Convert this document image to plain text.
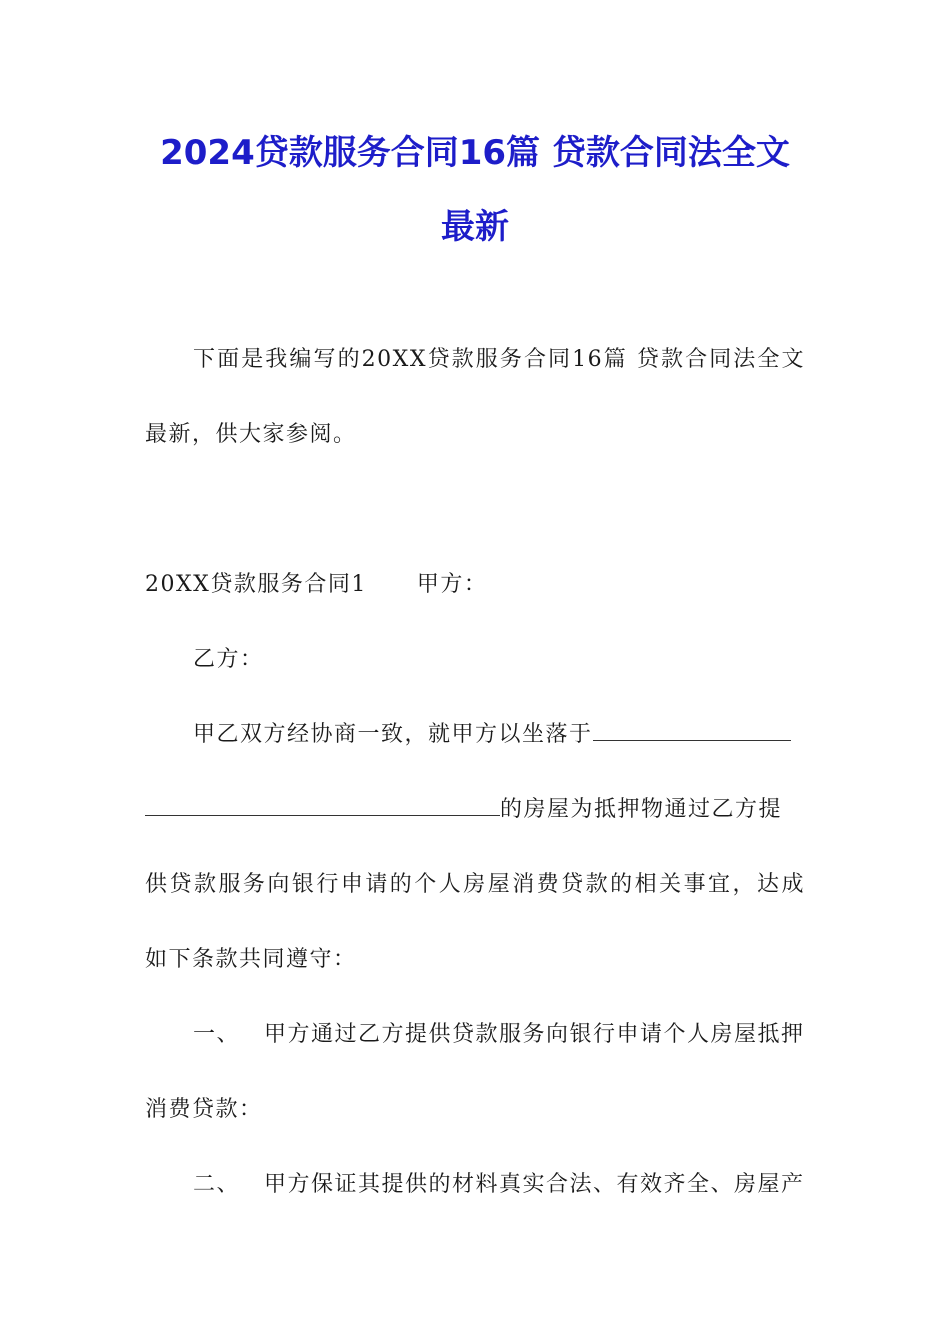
2024贷款服务合同16篇 贷款合同法全文
最新
下面是我编写的20XX贷款服务合同16篇 贷款合同法全文
最新，供大家参阅。
20XX贷款服务合同1 甲方：
乙方：
甲乙双方经协商一致，就甲方以坐落于
的房屋为抵押物通过乙方提
供贷款服务向银行申请的个人房屋消费贷款的相关事宜，达成
如下条款共同遵守：
一、 甲方通过乙方提供贷款服务向银行申请个人房屋抵押
消费贷款：
二、 甲方保证其提供的材料真实合法、有效齐全、房屋产
